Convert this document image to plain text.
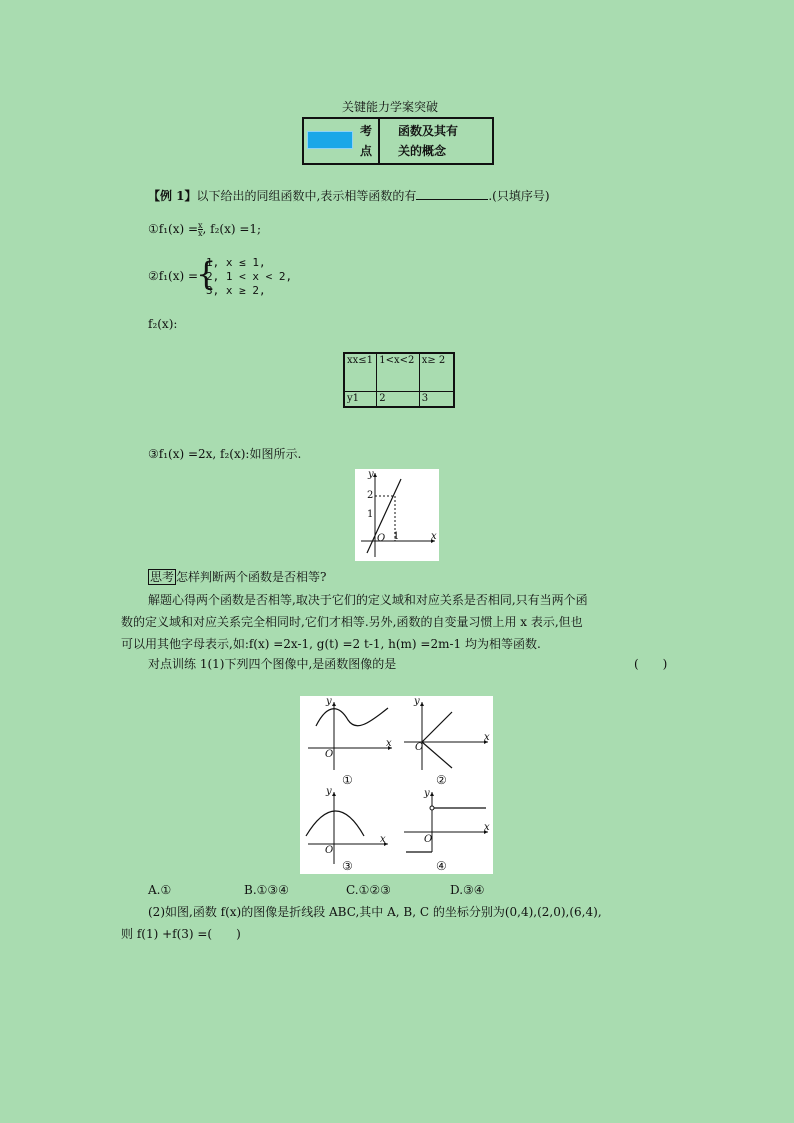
关键能力学案突破
考
点
函数及其有
关的概念
【例 1】以下给出的同组函数中,表示相等函数的有	.(只填序号)
①f₁(x) = $\frac{x}{x}$ , f₂(x) =1;
②f₁(x) =
{
1, x ≤ 1,
2, 1 < x < 2,
3, x ≥ 2,
f₂(x):
xx≤1	1<x<2	x≥ 2
y1	2	3
③f₁(x) =2x, f₂(x):如图所示.
y
x
O
2
1
1
思考 怎样判断两个函数是否相等?
解题心得两个函数是否相等,取决于它们的定义域和对应关系是否相同,只有当两个函
数的定义域和对应关系完全相同时,它们才相等.另外,函数的自变量习惯上用 x 表示,但也
可以用其他字母表示,如:f(x) =2x-1, g(t) =2 t-1, h(m) =2m-1 均为相等函数.
对点训练 1(1)下列四个图像中,是函数图像的是	(　　)
y
x
O
y
x
O
y
x
O
y
x
O
①	②
③	④
A.①	B.①③④	C.①②③	D.③④
(2)如图,函数 f(x)的图像是折线段 ABC,其中 A, B, C 的坐标分别为(0,4),(2,0),(6,4),
则 f(1) +f(3) =(　　)
